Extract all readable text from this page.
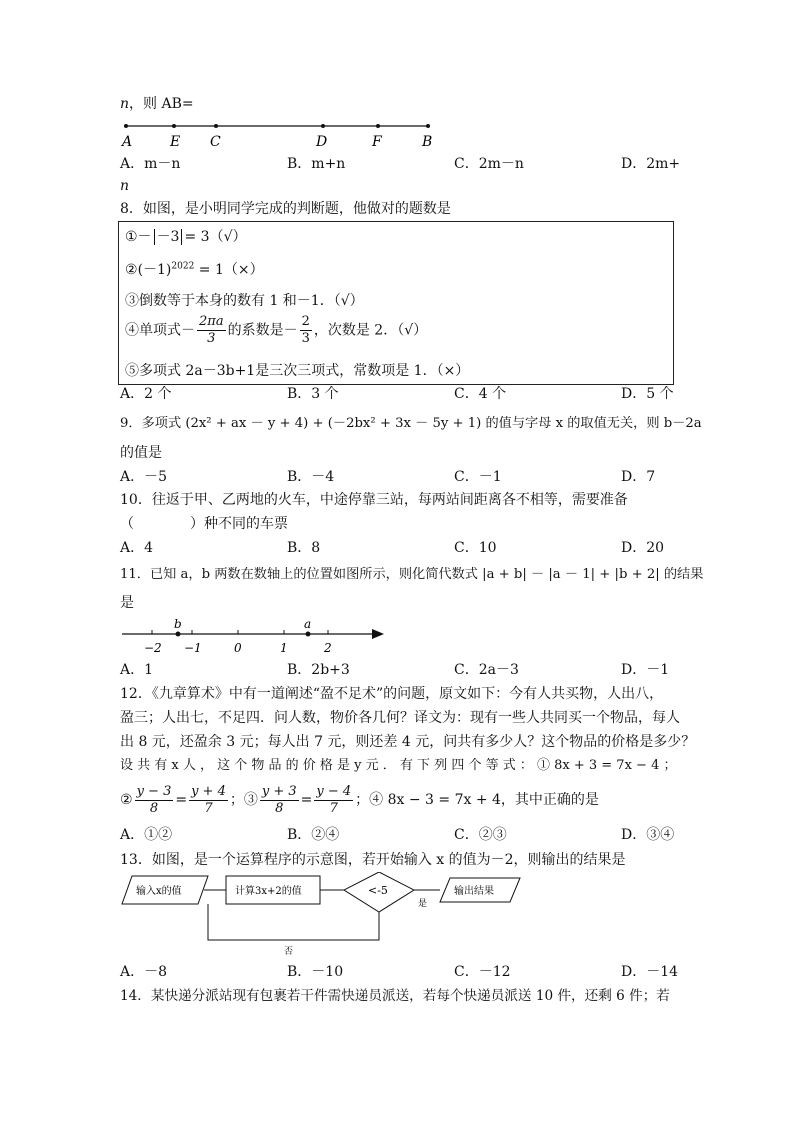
n，则 AB=
A	E C	D	F	B
A．m－n	B．m+n	C．2m－n	D．2m+
n
8．如图，是小明同学完成的判断题，他做对的题数是
①－ －3 = 3（√）
$②(-1)^{2022} = 1(\times)$
③倒数等于本身的数有 1 和－1．（√）
④单项式－ $\frac{2\pi a}{3}$ 的系数是－ $\frac{2}{3}$ ，次数是 2．（√）
⑤多项式 2a－3b+1是三次三项式，常数项是 1．（×）
A．2 个	B．3 个	C．4 个	D．5 个
9．多项式 (2x² + ax － y + 4) + (－2bx² + 3x － 5y + 1) 的值与字母 x 的取值无关，则 b－2a
的值是
A．－5	B．－4	C．－1	D．7
10．往返于甲、乙两地的火车，中途停靠三站，每两站间距离各不相等，需要准备
（　　　　）种不同的车票
A．4	B．8	C．10	D．20
11．已知 a，b 两数在数轴上的位置如图所示，则化简代数式 |a + b| － |a － 1| + |b + 2| 的结果
是
b	a
−2 −1	0	1	2
A．1	B．2b+3	C．2a－3	D．－1
12．《九章算术》中有一道阐述“盈不足术”的问题，原文如下：今有人共买物，人出八，
盈三；人出七，不足四．问人数，物价各几何？译文为：现有一些人共同买一个物品，每人
出 8 元，还盈余 3 元；每人出 7 元，则还差 4 元，问共有多少人？这个物品的价格是多少？
设 共 有 x 人 ， 这 个 物 品 的 价 格 是 y 元 ． 有 下 列 四 个 等 式 ： ① 8x + 3 = 7x − 4 ；
② $\frac{y - 3}{8} = \frac{y + 4}{7}$ ；③ $\frac{y + 3}{8} = \frac{y - 4}{7}$ ；④ 8x − 3 = 7x + 4，其中正确的是
A．①②	B．②④	C．②③	D．③④
13．如图，是一个运算程序的示意图，若开始输入 x 的值为－2，则输出的结果是
输入x的值	计算3x+2的值	<-5	输出结果
是
否
A．－8	B．－10	C．－12	D．－14
14．某快递分派站现有包裹若干件需快递员派送，若每个快递员派送 10 件，还剩 6 件；若
